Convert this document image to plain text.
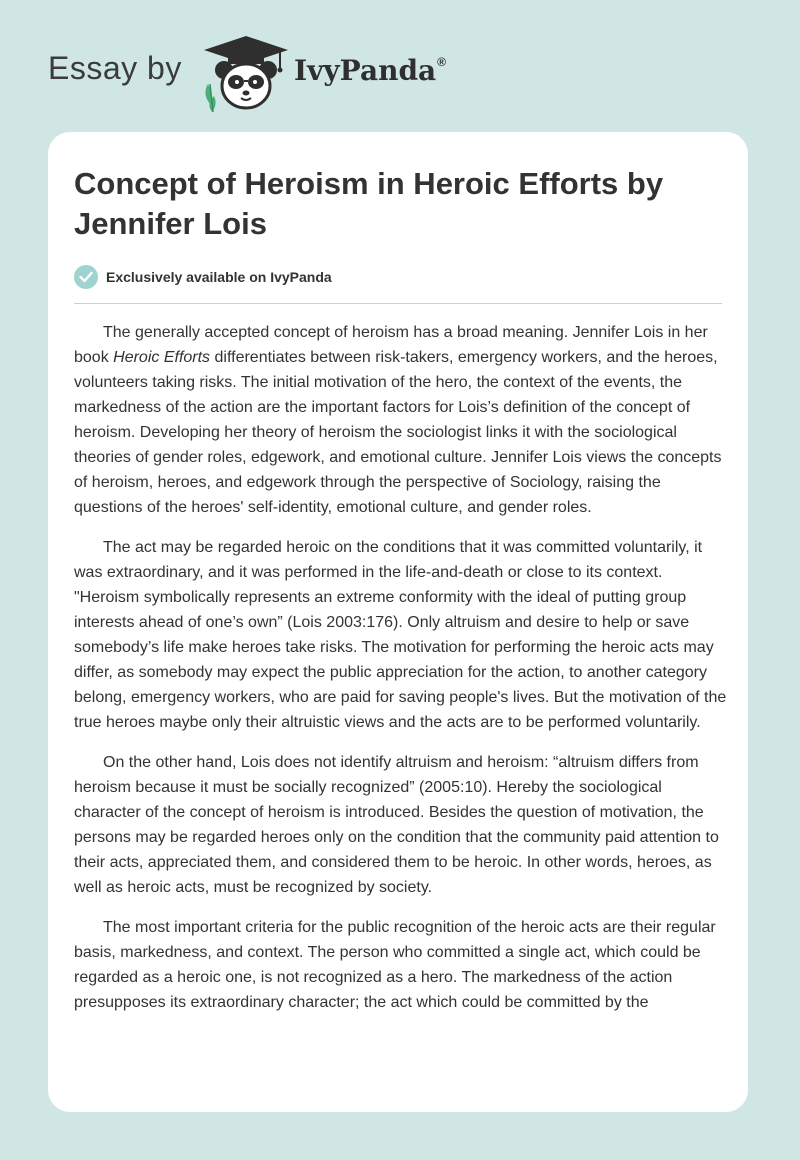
Essay by	IvyPanda®
Concept of Heroism in Heroic Efforts by Jennifer Lois
Exclusively available on IvyPanda

The generally accepted concept of heroism has a broad meaning. Jennifer Lois in her book Heroic Efforts differentiates between risk-takers, emergency workers, and the heroes, volunteers taking risks. The initial motivation of the hero, the context of the events, the markedness of the action are the important factors for Lois’s definition of the concept of heroism. Developing her theory of heroism the sociologist links it with the sociological theories of gender roles, edgework, and emotional culture. Jennifer Lois views the concepts of heroism, heroes, and edgework through the perspective of Sociology, raising the questions of the heroes' self-identity, emotional culture, and gender roles.

The act may be regarded heroic on the conditions that it was committed voluntarily, it was extraordinary, and it was performed in the life-and-death or close to its context. "Heroism symbolically represents an extreme conformity with the ideal of putting group interests ahead of one’s own” (Lois 2003:176). Only altruism and desire to help or save somebody’s life make heroes take risks. The motivation for performing the heroic acts may differ, as somebody may expect the public appreciation for the action, to another category belong, emergency workers, who are paid for saving people's lives. But the motivation of the true heroes maybe only their altruistic views and the acts are to be performed voluntarily.

On the other hand, Lois does not identify altruism and heroism: “altruism differs from heroism because it must be socially recognized” (2005:10). Hereby the sociological character of the concept of heroism is introduced. Besides the question of motivation, the persons may be regarded heroes only on the condition that the community paid attention to their acts, appreciated them, and considered them to be heroic. In other words, heroes, as well as heroic acts, must be recognized by society.

The most important criteria for the public recognition of the heroic acts are their regular basis, markedness, and context. The person who committed a single act, which could be regarded as a heroic one, is not recognized as a hero. The markedness of the action presupposes its extraordinary character; the act which could be committed by the
